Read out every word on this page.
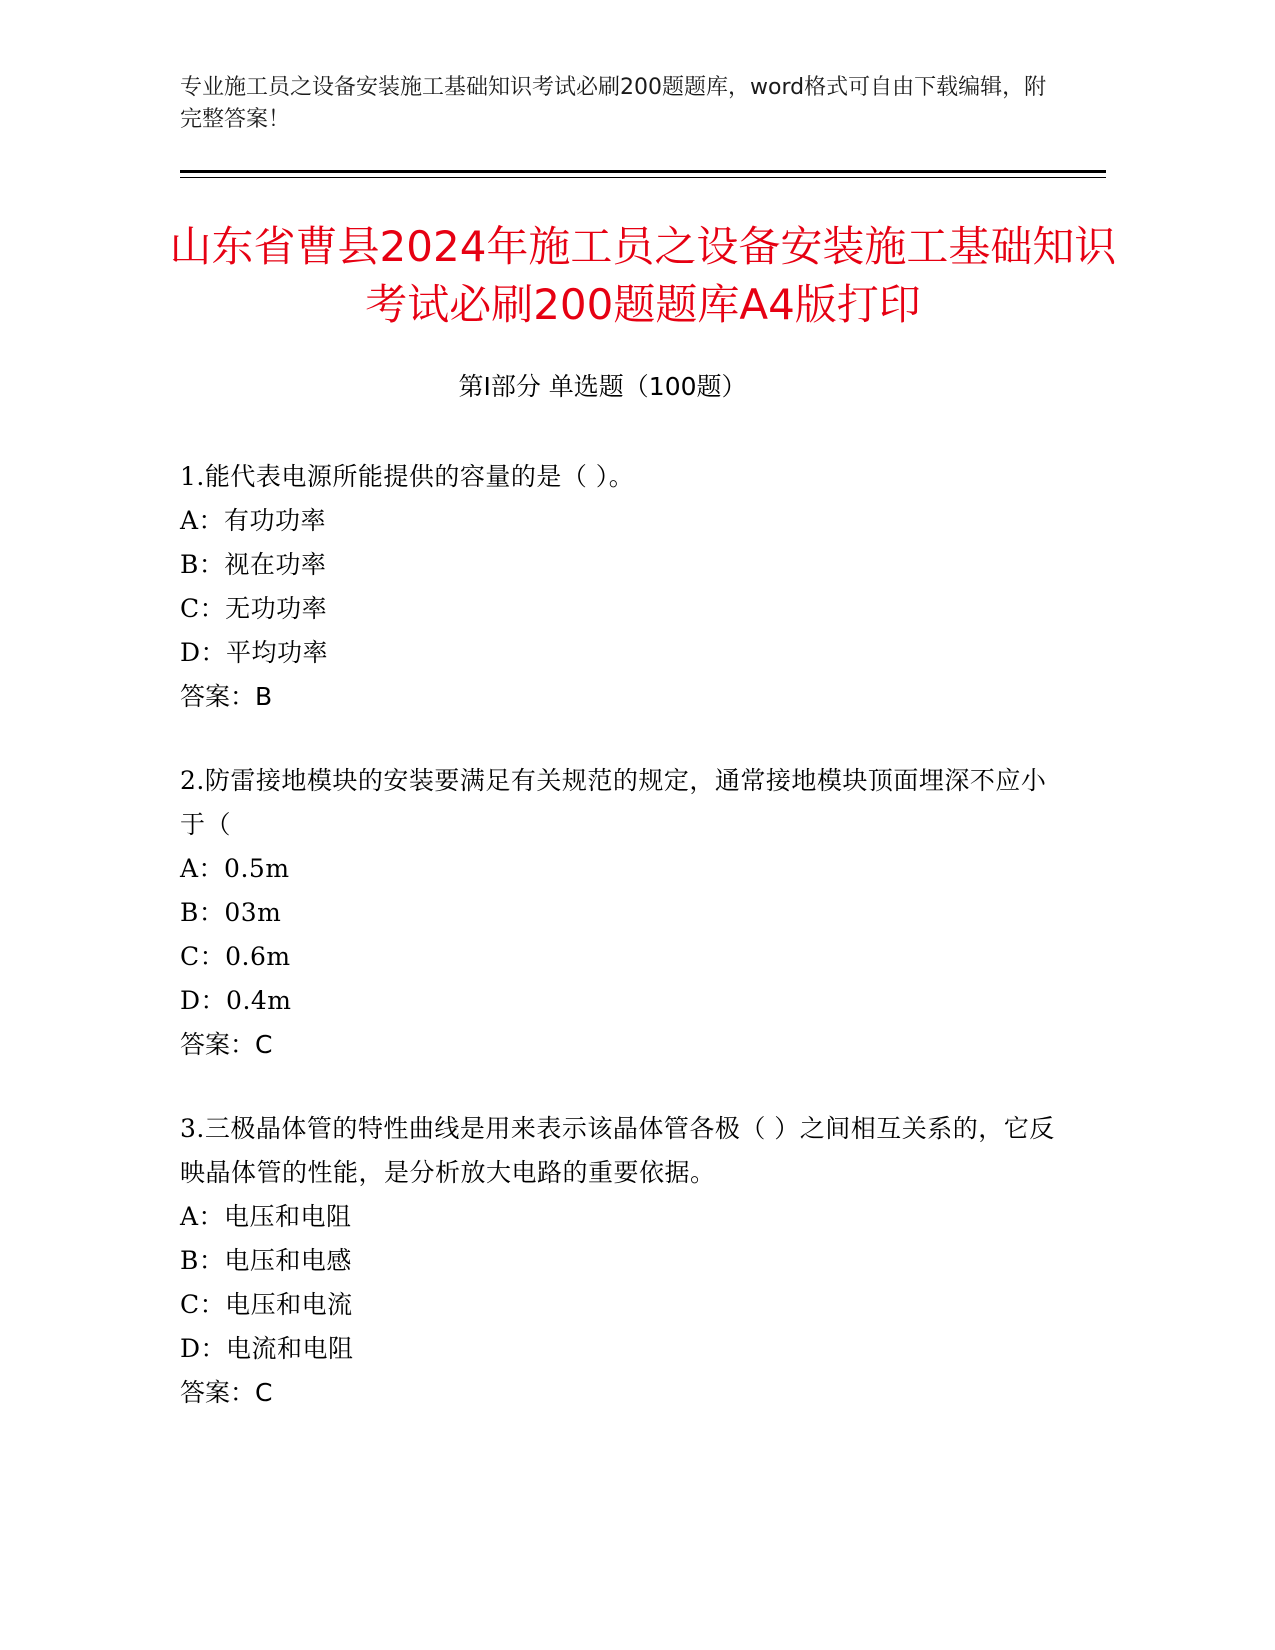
专业施工员之设备安装施工基础知识考试必刷200题题库，word格式可自由下载编辑，附完整答案！
山东省曹县2024年施工员之设备安装施工基础知识考试必刷200题题库A4版打印
第Ⅰ部分 单选题（100题）
1.能代表电源所能提供的容量的是（ ）。
A：有功功率
B：视在功率
C：无功功率
D：平均功率
答案：B
2.防雷接地模块的安装要满足有关规范的规定，通常接地模块顶面埋深不应小于（
A：0.5m
B：03m
C：0.6m
D：0.4m
答案：C
3.三极晶体管的特性曲线是用来表示该晶体管各极（ ）之间相互关系的，它反映晶体管的性能，是分析放大电路的重要依据。
A：电压和电阻
B：电压和电感
C：电压和电流
D：电流和电阻
答案：C
